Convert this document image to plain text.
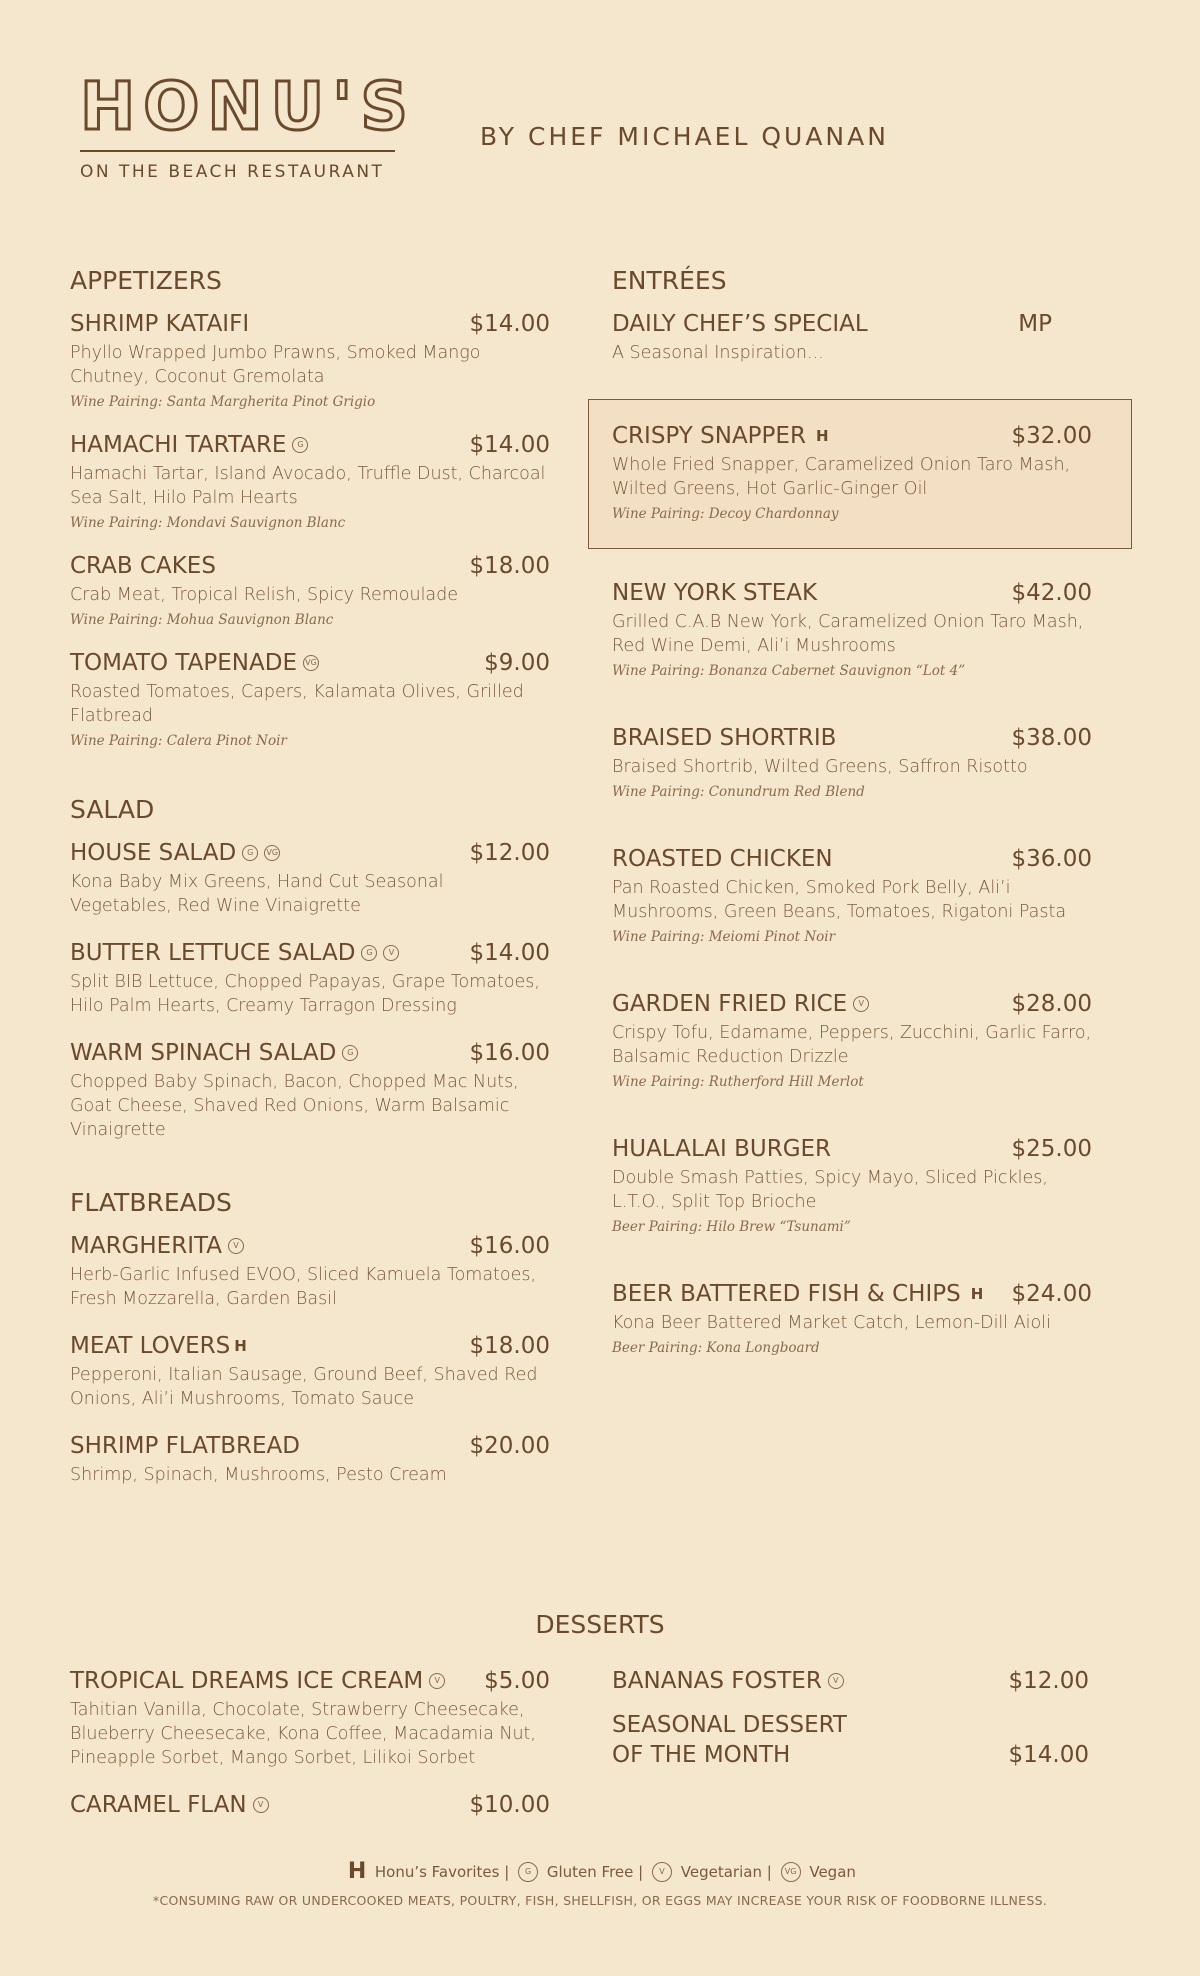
HONU'S
ON THE BEACH RESTAURANT
BY CHEF MICHAEL QUANAN
APPETIZERS
SHRIMP KATAIFI	$14.00
Phyllo Wrapped Jumbo Prawns, Smoked Mango Chutney, Coconut Gremolata
Wine Pairing: Santa Margherita Pinot Grigio
HAMACHI TARTARE	G	$14.00
Hamachi Tartar, Island Avocado, Truffle Dust, Charcoal Sea Salt, Hilo Palm Hearts
Wine Pairing: Mondavi Sauvignon Blanc
CRAB CAKES	$18.00
Crab Meat, Tropical Relish, Spicy Remoulade
Wine Pairing: Mohua Sauvignon Blanc
TOMATO TAPENADE VG	$9.00
Roasted Tomatoes, Capers, Kalamata Olives, Grilled Flatbread
Wine Pairing: Calera Pinot Noir
SALAD
HOUSE SALAD	G	VG	$12.00
Kona Baby Mix Greens, Hand Cut Seasonal Vegetables, Red Wine Vinaigrette
BUTTER LETTUCE SALAD	G	V	$14.00
Split BIB Lettuce, Chopped Papayas, Grape Tomatoes, Hilo Palm Hearts, Creamy Tarragon Dressing
WARM SPINACH SALAD	G	$16.00
Chopped Baby Spinach, Bacon, Chopped Mac Nuts, Goat Cheese, Shaved Red Onions, Warm Balsamic Vinaigrette
FLATBREADS
MARGHERITA	V	$16.00
Herb-Garlic Infused EVOO, Sliced Kamuela Tomatoes, Fresh Mozzarella, Garden Basil
MEAT LOVERS H	$18.00
Pepperoni, Italian Sausage, Ground Beef, Shaved Red Onions, Ali’i Mushrooms, Tomato Sauce
SHRIMP FLATBREAD	$20.00
Shrimp, Spinach, Mushrooms, Pesto Cream
ENTRÉES
DAILY CHEF’S SPECIAL	MP
A Seasonal Inspiration...
CRISPY SNAPPER H	$32.00
Whole Fried Snapper, Caramelized Onion Taro Mash, Wilted Greens, Hot Garlic-Ginger Oil
Wine Pairing: Decoy Chardonnay
NEW YORK STEAK	$42.00
Grilled C.A.B New York, Caramelized Onion Taro Mash, Red Wine Demi, Ali’i Mushrooms
Wine Pairing: Bonanza Cabernet Sauvignon “Lot 4”
BRAISED SHORTRIB	$38.00
Braised Shortrib, Wilted Greens, Saffron Risotto
Wine Pairing: Conundrum Red Blend
ROASTED CHICKEN	$36.00
Pan Roasted Chicken, Smoked Pork Belly, Ali’i Mushrooms, Green Beans, Tomatoes, Rigatoni Pasta
Wine Pairing: Meiomi Pinot Noir
GARDEN FRIED RICE	V	$28.00
Crispy Tofu, Edamame, Peppers, Zucchini, Garlic Farro, Balsamic Reduction Drizzle
Wine Pairing: Rutherford Hill Merlot
HUALALAI BURGER	$25.00
Double Smash Patties, Spicy Mayo, Sliced Pickles, L.T.O., Split Top Brioche
Beer Pairing: Hilo Brew “Tsunami”
BEER BATTERED FISH & CHIPS H $24.00
Kona Beer Battered Market Catch, Lemon-Dill Aioli
Beer Pairing: Kona Longboard
DESSERTS
TROPICAL DREAMS ICE CREAM	V $5.00
Tahitian Vanilla, Chocolate, Strawberry Cheesecake, Blueberry Cheesecake, Kona Coffee, Macadamia Nut, Pineapple Sorbet, Mango Sorbet, Lilikoi Sorbet
CARAMEL FLAN	V	$10.00
BANANAS FOSTER	V	$12.00
SEASONAL DESSERT
OF THE MONTH	$14.00
H Honu’s Favorites | G Gluten Free | V Vegetarian | VG Vegan
*CONSUMING RAW OR UNDERCOOKED MEATS, POULTRY, FISH, SHELLFISH, OR EGGS MAY INCREASE YOUR RISK OF FOODBORNE ILLNESS.
